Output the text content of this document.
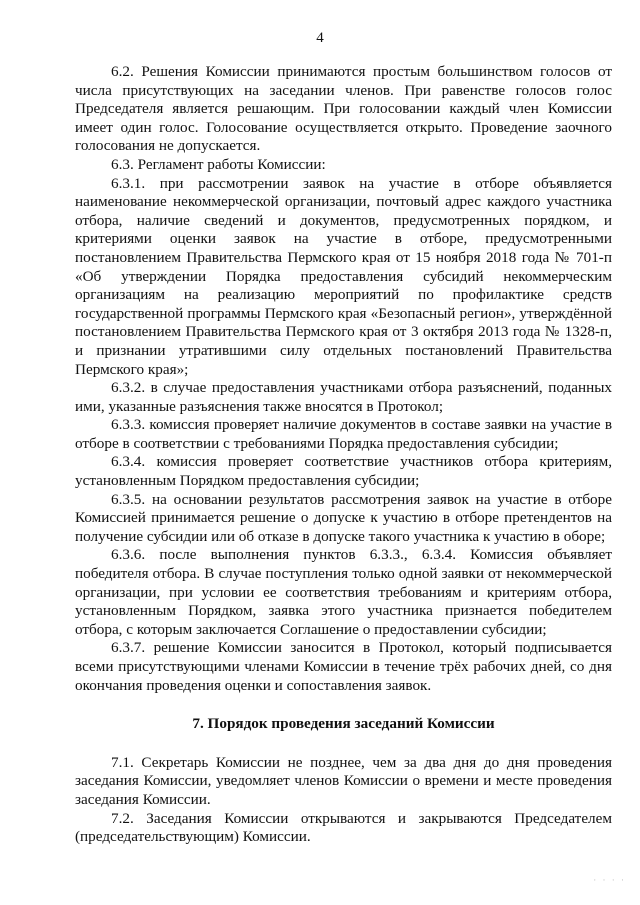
4

6.2. Решения Комиссии принимаются простым большинством голосов от числа присутствующих на заседании членов. При равенстве голосов голос Председателя является решающим. При голосовании каждый член Комиссии имеет один голос. Голосование осуществляется открыто. Проведение заочного голосования не допускается.

6.3. Регламент работы Комиссии:

6.3.1. при рассмотрении заявок на участие в отборе объявляется наименование некоммерческой организации, почтовый адрес каждого участника отбора, наличие сведений и документов, предусмотренных порядком, и критериями оценки заявок на участие в отборе, предусмотренными постановлением Правительства Пермского края от 15 ноября 2018 года № 701-п «Об утверждении Порядка предоставления субсидий некоммерческим организациям на реализацию мероприятий по профилактике средств государственной программы Пермского края «Безопасный регион», утверждённой постановлением Правительства Пермского края от 3 октября 2013 года № 1328-п, и признании утратившими силу отдельных постановлений Правительства Пермского края»;

6.3.2. в случае предоставления участниками отбора разъяснений, поданных ими, указанные разъяснения также вносятся в Протокол;

6.3.3. комиссия проверяет наличие документов в составе заявки на участие в отборе в соответствии с требованиями Порядка предоставления субсидии;

6.3.4. комиссия проверяет соответствие участников отбора критериям, установленным Порядком предоставления субсидии;

6.3.5. на основании результатов рассмотрения заявок на участие в отборе Комиссией принимается решение о допуске к участию в отборе претендентов на получение субсидии или об отказе в допуске такого участника к участию в оборе;

6.3.6. после выполнения пунктов 6.3.3., 6.3.4. Комиссия объявляет победителя отбора. В случае поступления только одной заявки от некоммерческой организации, при условии ее соответствия требованиям и критериям отбора, установленным Порядком, заявка этого участника признается победителем отбора, с которым заключается Соглашение о предоставлении субсидии;

6.3.7. решение Комиссии заносится в Протокол, который подписывается всеми присутствующими членами Комиссии в течение трёх рабочих дней, со дня окончания проведения оценки и сопоставления заявок.

7. Порядок проведения заседаний Комиссии

7.1. Секретарь Комиссии не позднее, чем за два дня до дня проведения заседания Комиссии, уведомляет членов Комиссии о времени и месте проведения заседания Комиссии.

7.2. Заседания Комиссии открываются и закрываются Председателем (председательствующим) Комиссии.

· · · ·
